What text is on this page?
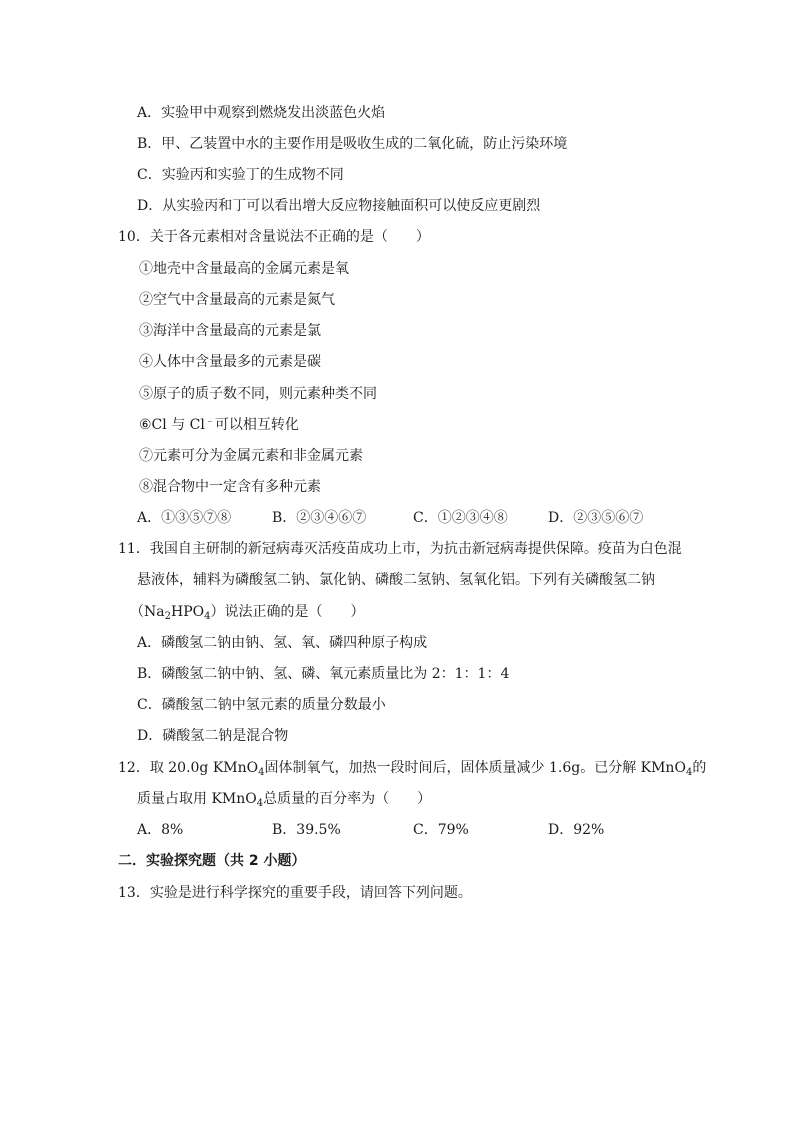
A．实验甲中观察到燃烧发出淡蓝色火焰
B．甲、乙装置中水的主要作用是吸收生成的二氧化硫，防止污染环境
C．实验丙和实验丁的生成物不同
D．从实验丙和丁可以看出增大反应物接触面积可以使反应更剧烈
10．关于各元素相对含量说法不正确的是（　　）
①地壳中含量最高的金属元素是氧
②空气中含量最高的元素是氮气
③海洋中含量最高的元素是氯
④人体中含量最多的元素是碳
⑤原子的质子数不同，则元素种类不同
⑥Cl 与 Cl﹣可以相互转化
⑦元素可分为金属元素和非金属元素
⑧混合物中一定含有多种元素
A．①③⑤⑦⑧	B．②③④⑥⑦	C．①②③④⑧	D．②③⑤⑥⑦
11．我国自主研制的新冠病毒灭活疫苗成功上市，为抗击新冠病毒提供保障。疫苗为白色混
悬液体，辅料为磷酸氢二钠、氯化钠、磷酸二氢钠、氢氧化铝。下列有关磷酸氢二钠
$(Na_2HPO_4)$说法正确的是（　　）
A．磷酸氢二钠由钠、氢、氧、磷四种原子构成
B．磷酸氢二钠中钠、氢、磷、氧元素质量比为 2：1：1：4
C．磷酸氢二钠中氢元素的质量分数最小
D．磷酸氢二钠是混合物
12．取 20.0g KMnO$_4$固体制氧气，加热一段时间后，固体质量减少 1.6g。已分解 KMnO$_4$的
质量占取用 KMnO$_4$总质量的百分率为（　　）
A．8%	B．39.5%	C．79%	D．92%
二．实验探究题（共 2 小题）
13．实验是进行科学探究的重要手段，请回答下列问题。
